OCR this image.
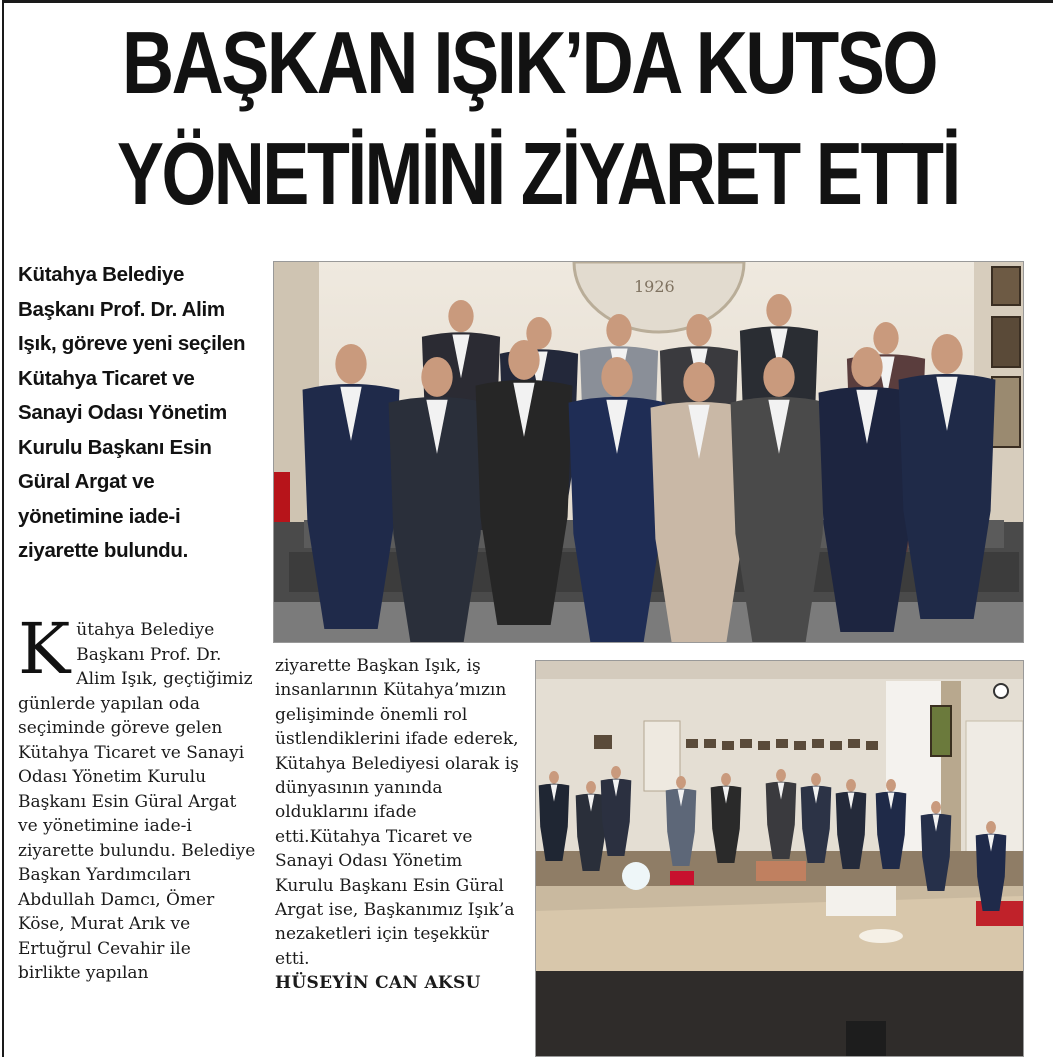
BAŞKAN IŞIK’DA KUTSO
YÖNETİMİNİ ZİYARET ETTİ
Kütahya Belediye Başkanı Prof. Dr. Alim Işık, göreve yeni seçilen Kütahya Ticaret ve Sanayi Odası Yönetim Kurulu Başkanı Esin Güral Argat ve yönetimine iade-i ziyarette bulundu.
Kütahya Belediye Başkanı Prof. Dr. Alim Işık, geçtiğimiz günlerde yapılan oda seçiminde göreve gelen Kütahya Ticaret ve Sanayi Odası Yönetim Kurulu Başkanı Esin Güral Argat ve yönetimine iade-i ziyarette bulundu. Belediye Başkan Yardımcıları Abdullah Damcı, Ömer Köse, Murat Arık ve Ertuğrul Cevahir ile birlikte yapılan
ziyarette Başkan Işık, iş insanlarının Kütahya’mızın gelişiminde önemli rol üstlendiklerini ifade ederek, Kütahya Belediyesi olarak iş dünyasının yanında olduklarını ifade etti.Kütahya Ticaret ve Sanayi Odası Yönetim Kurulu Başkanı Esin Güral Argat ise, Başkanımız Işık’a nezaketleri için teşekkür etti.
HÜSEYİN CAN AKSU
1926
